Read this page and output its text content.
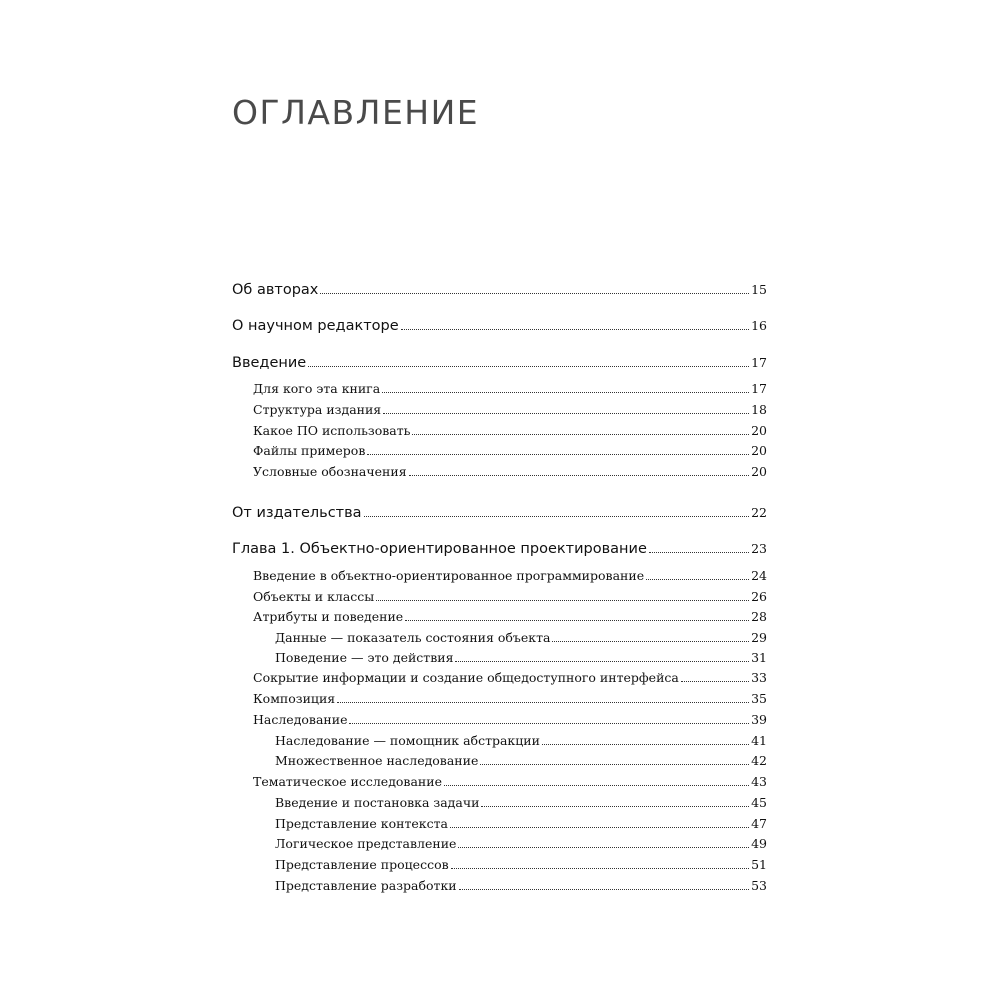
ОГЛАВЛЕНИЕ
Об авторах	15
О научном редакторе	16
Введение	17
Для кого эта книга	17
Структура издания	18
Какое ПО использовать	20
Файлы примеров	20
Условные обозначения	20
От издательства	22
Глава 1. Объектно-ориентированное проектирование	23
Введение в объектно-ориентированное программирование	24
Объекты и классы	26
Атрибуты и поведение	28
Данные — показатель состояния объекта	29
Поведение — это действия	31
Сокрытие информации и создание общедоступного интерфейса	33
Композиция	35
Наследование	39
Наследование — помощник абстракции	41
Множественное наследование	42
Тематическое исследование	43
Введение и постановка задачи	45
Представление контекста	47
Логическое представление	49
Представление процессов	51
Представление разработки	53
